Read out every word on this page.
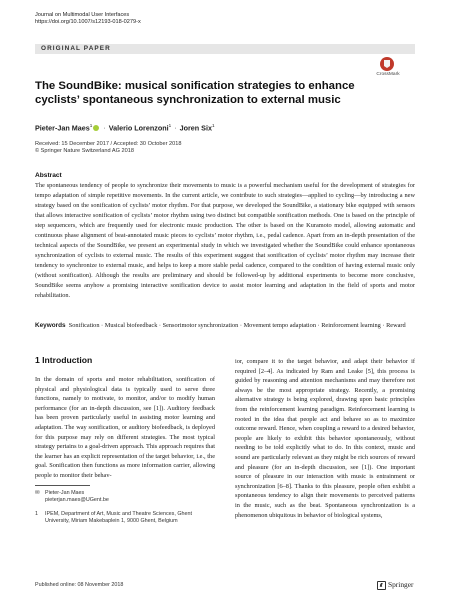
Journal on Multimodal User Interfaces
https://doi.org/10.1007/s12193-018-0279-x
ORIGINAL PAPER
CrossMark
The SoundBike: musical sonification strategies to enhance cyclists’ spontaneous synchronization to external music
Pieter-Jan Maes$^1$ · Valerio Lorenzoni$^1$ · Joren Six$^1$
Received: 15 December 2017 / Accepted: 30 October 2018
© Springer Nature Switzerland AG 2018
Abstract

The spontaneous tendency of people to synchronize their movements to music is a powerful mechanism useful for the development of strategies for tempo adaptation of simple repetitive movements. In the current article, we contribute to such strategies—applied to cycling—by introducing a new strategy based on the sonification of cyclists’ motor rhythm. For that purpose, we developed the SoundBike, a stationary bike equipped with sensors that allows interactive sonification of cyclists’ motor rhythm using two distinct but compatible sonification methods. One is based on the principle of step sequencers, which are frequently used for electronic music production. The other is based on the Kuramoto model, allowing automatic and continuous phase alignment of beat-annotated music pieces to cyclists’ motor rhythm, i.e., pedal cadence. Apart from an in-depth presentation of the technical aspects of the SoundBike, we present an experimental study in which we investigated whether the SoundBike could enhance spontaneous synchronization of cyclists to external music. The results of this experiment suggest that sonification of cyclists’ motor rhythm may increase their tendency to synchronize to external music, and helps to keep a more stable pedal cadence, compared to the condition of having external music only (without sonification). Although the results are preliminary and should be followed-up by additional experiments to become more conclusive, SoundBike seems anyhow a promising interactive sonification device to assist motor learning and adaptation in the field of sports and motor rehabilitation.

Keywords Sonification · Musical biofeedback · Sensorimotor synchronization · Movement tempo adaptation · Reinforcement learning · Reward
1 Introduction

In the domain of sports and motor rehabilitation, sonification of physical and physiological data is typically used to serve three functions, namely to motivate, to monitor, and/or to modify human performance (for an in-depth discussion, see [1]). Auditory feedback has been proven particularly useful in assisting motor learning and adaptation. The way sonification, or auditory biofeedback, is deployed for this purpose may rely on different strategies. The most typical strategy pertains to a goal-driven approach. This approach requires that the learner has an explicit representation of the target behavior, i.e., the goal. Sonification then functions as more information carrier, allowing people to monitor their behav-

ior, compare it to the target behavior, and adapt their behavior if required [2–4]. As indicated by Ram and Leake [5], this process is guided by reasoning and attention mechanisms and may therefore not always be the most appropriate strategy. Recently, a promising alternative strategy is being explored, drawing upon basic principles from the reinforcement learning paradigm. Reinforcement learning is rooted in the idea that people act and behave so as to maximize outcome reward. Hence, when coupling a reward to a desired behavior, people are likely to exhibit this behavior spontaneously, without needing to be told explicitly what to do. In this context, music and sound are particularly relevant as they might be rich sources of reward and pleasure (for an in-depth discussion, see [1]). One important source of pleasure in our interaction with music is entrainment or synchronization [6–8]. Thanks to this pleasure, people often exhibit a spontaneous tendency to align their movements to perceived patterns in the music, such as the beat. Spontaneous synchronization is a phenomenon ubiquitous in behavior of biological systems,

✉ Pieter-Jan Maes
pieterjan.maes@UGent.be
1 IPEM, Department of Art, Music and Theatre Sciences, Ghent University, Miriam Makebaplein 1, 9000 Ghent, Belgium
Published online: 08 November 2018	Springer
